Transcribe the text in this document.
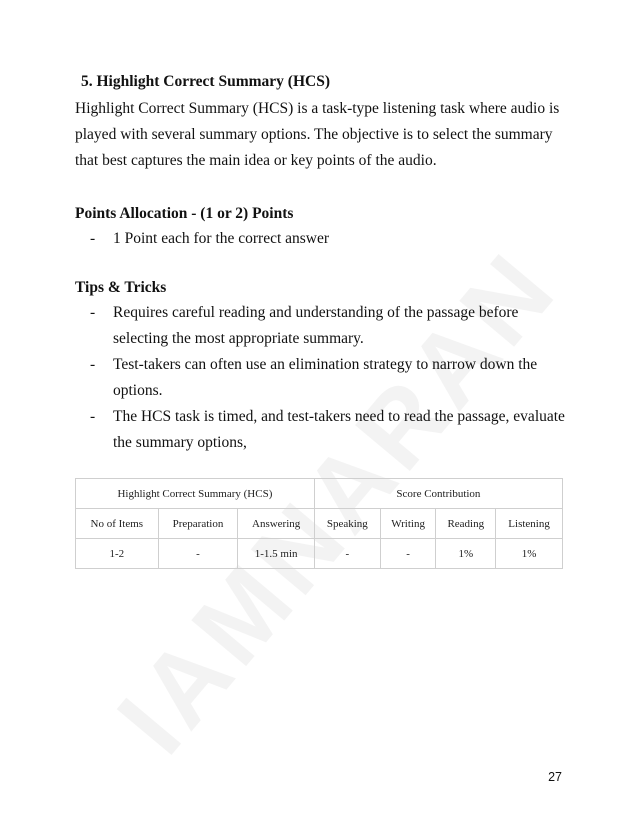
5. Highlight Correct Summary (HCS)

Highlight Correct Summary (HCS) is a task-type listening task where audio is played with several summary options. The objective is to select the summary that best captures the main idea or key points of the audio.

Points Allocation - (1 or 2) Points
- 1 Point each for the correct answer
Tips & Tricks
- Requires careful reading and understanding of the passage before selecting the most appropriate summary.
- Test-takers can often use an elimination strategy to narrow down the options.
- The HCS task is timed, and test-takers need to read the passage, evaluate the summary options,
Highlight Correct Summary (HCS)			Score Contribution			
No of Items	Preparation	Answering	Speaking	Writing	Reading	Listening
1-2	-	1-1.5 min	-	-	1%	1%
27
